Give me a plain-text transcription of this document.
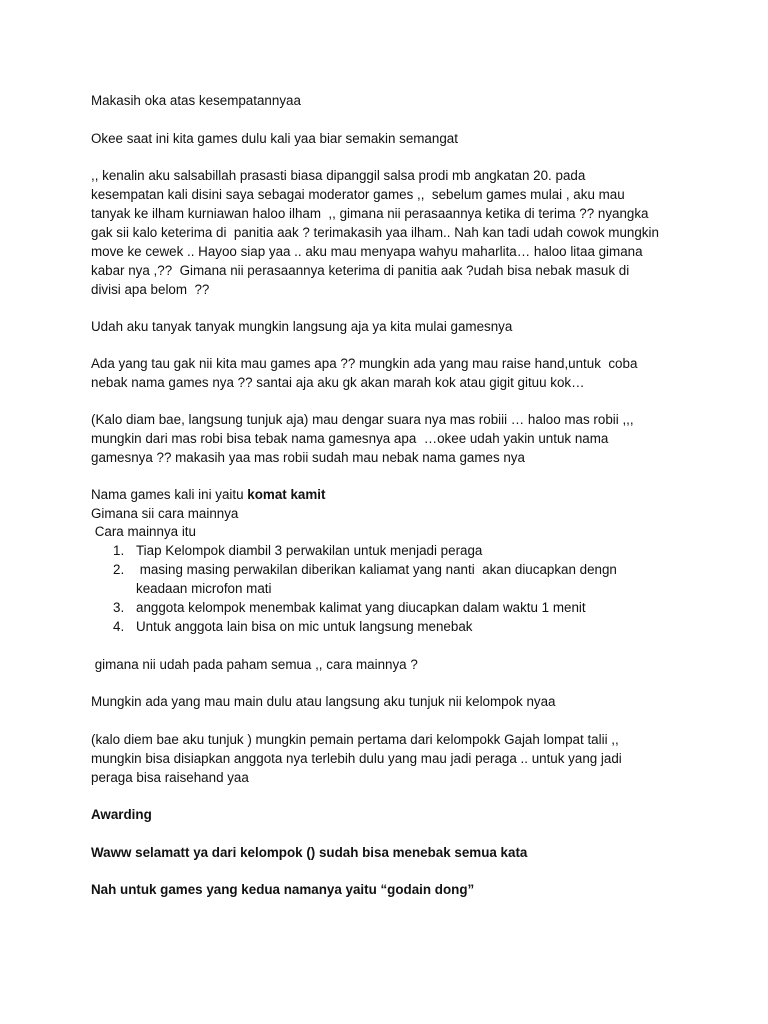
Makasih oka atas kesempatannyaa

Okee saat ini kita games dulu kali yaa biar semakin semangat

,, kenalin aku salsabillah prasasti biasa dipanggil salsa prodi mb angkatan 20. pada
kesempatan kali disini saya sebagai moderator games ,,  sebelum games mulai , aku mau
tanyak ke ilham kurniawan haloo ilham  ,, gimana nii perasaannya ketika di terima ?? nyangka
gak sii kalo keterima di  panitia aak ? terimakasih yaa ilham.. Nah kan tadi udah cowok mungkin
move ke cewek .. Hayoo siap yaa .. aku mau menyapa wahyu maharlita… haloo litaa gimana
kabar nya ,??  Gimana nii perasaannya keterima di panitia aak ?udah bisa nebak masuk di
divisi apa belom  ??

Udah aku tanyak tanyak mungkin langsung aja ya kita mulai gamesnya

Ada yang tau gak nii kita mau games apa ?? mungkin ada yang mau raise hand,untuk  coba
nebak nama games nya ?? santai aja aku gk akan marah kok atau gigit gituu kok…

(Kalo diam bae, langsung tunjuk aja) mau dengar suara nya mas robiii … haloo mas robii ,,,
mungkin dari mas robi bisa tebak nama gamesnya apa  …okee udah yakin untuk nama
gamesnya ?? makasih yaa mas robii sudah mau nebak nama games nya

Nama games kali ini yaitu komat kamit

Gimana sii cara mainnya

Cara mainnya itu

1. Tiap Kelompok diambil 3 perwakilan untuk menjadi peraga
2. masing masing perwakilan diberikan kaliamat yang nanti  akan diucapkan dengn
keadaan microfon mati
3. anggota kelompok menembak kalimat yang diucapkan dalam waktu 1 menit
4. Untuk anggota lain bisa on mic untuk langsung menebak

gimana nii udah pada paham semua ,, cara mainnya ?

Mungkin ada yang mau main dulu atau langsung aku tunjuk nii kelompok nyaa

(kalo diem bae aku tunjuk ) mungkin pemain pertama dari kelompokk Gajah lompat talii ,,
mungkin bisa disiapkan anggota nya terlebih dulu yang mau jadi peraga .. untuk yang jadi
peraga bisa raisehand yaa

Awarding

Waww selamatt ya dari kelompok () sudah bisa menebak semua kata

Nah untuk games yang kedua namanya yaitu “godain dong”
